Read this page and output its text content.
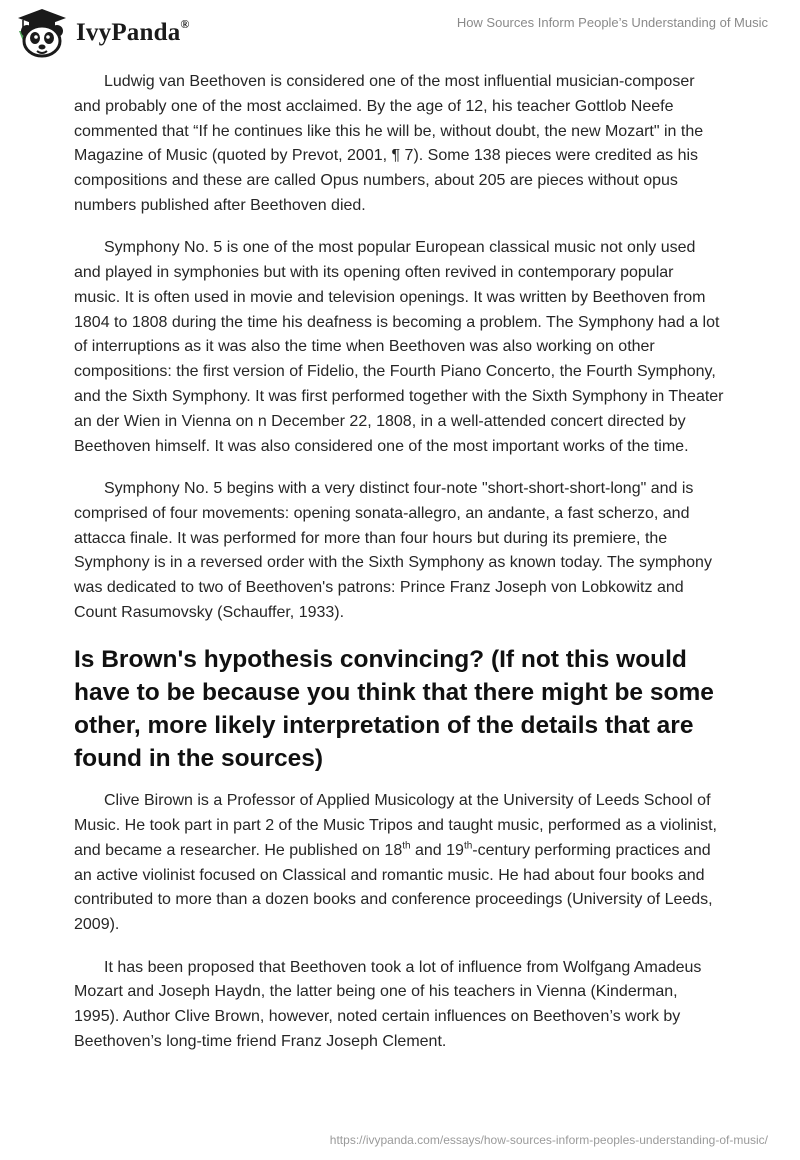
IvyPanda®	How Sources Inform People’s Understanding of Music

Ludwig van Beethoven is considered one of the most influential musician-composer and probably one of the most acclaimed. By the age of 12, his teacher Gottlob Neefe commented that “If he continues like this he will be, without doubt, the new Mozart" in the Magazine of Music (quoted by Prevot, 2001, ¶ 7). Some 138 pieces were credited as his compositions and these are called Opus numbers, about 205 are pieces without opus numbers published after Beethoven died.

Symphony No. 5 is one of the most popular European classical music not only used and played in symphonies but with its opening often revived in contemporary popular music. It is often used in movie and television openings. It was written by Beethoven from 1804 to 1808 during the time his deafness is becoming a problem. The Symphony had a lot of interruptions as it was also the time when Beethoven was also working on other compositions: the first version of Fidelio, the Fourth Piano Concerto, the Fourth Symphony, and the Sixth Symphony. It was first performed together with the Sixth Symphony in Theater an der Wien in Vienna on n December 22, 1808, in a well-attended concert directed by Beethoven himself. It was also considered one of the most important works of the time.

Symphony No. 5 begins with a very distinct four-note "short-short-short-long" and is comprised of four movements: opening sonata-allegro, an andante, a fast scherzo, and attacca finale. It was performed for more than four hours but during its premiere, the Symphony is in a reversed order with the Sixth Symphony as known today. The symphony was dedicated to two of Beethoven's patrons: Prince Franz Joseph von Lobkowitz and Count Rasumovsky (Schauffer, 1933).

Is Brown's hypothesis convincing? (If not this would have to be because you think that there might be some other, more likely interpretation of the details that are found in the sources)

Clive Birown is a Professor of Applied Musicology at the University of Leeds School of Music. He took part in part 2 of the Music Tripos and taught music, performed as a violinist, and became a researcher. He published on 18th and 19th-century performing practices and an active violinist focused on Classical and romantic music. He had about four books and contributed to more than a dozen books and conference proceedings (University of Leeds, 2009).

It has been proposed that Beethoven took a lot of influence from Wolfgang Amadeus Mozart and Joseph Haydn, the latter being one of his teachers in Vienna (Kinderman, 1995). Author Clive Brown, however, noted certain influences on Beethoven’s work by Beethoven’s long-time friend Franz Joseph Clement.

https://ivypanda.com/essays/how-sources-inform-peoples-understanding-of-music/
